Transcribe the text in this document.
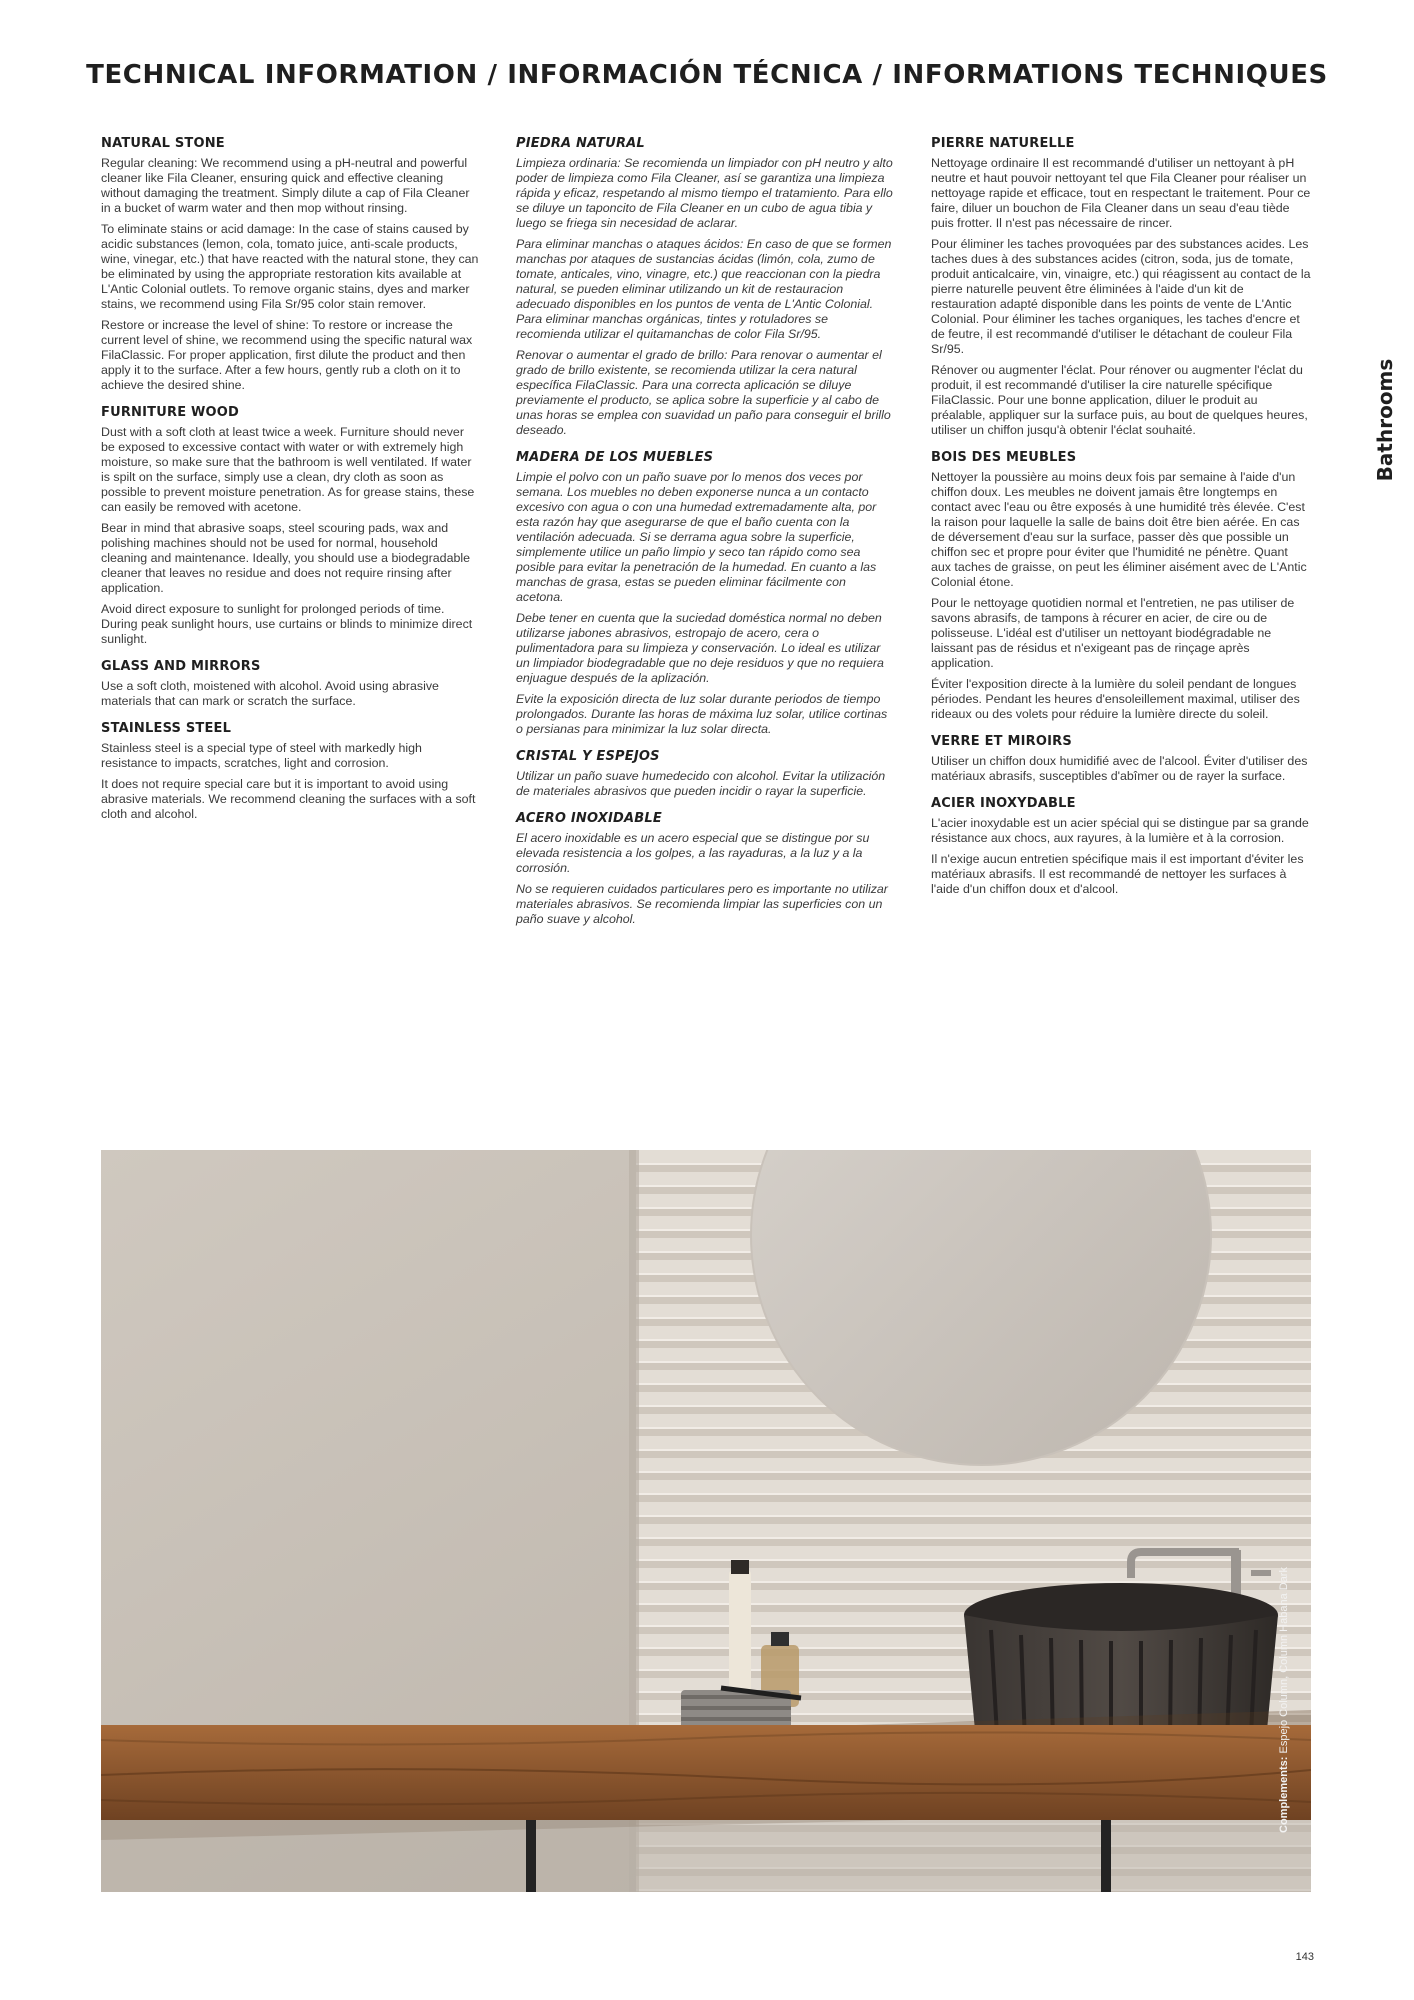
TECHNICAL INFORMATION / INFORMACIÓN TÉCNICA / INFORMATIONS TECHNIQUES
Bathrooms
NATURAL STONE

Regular cleaning: We recommend using a pH-neutral and powerful cleaner like Fila Cleaner, ensuring quick and effective cleaning without damaging the treatment. Simply dilute a cap of Fila Cleaner in a bucket of warm water and then mop without rinsing.

To eliminate stains or acid damage: In the case of stains caused by acidic substances (lemon, cola, tomato juice, anti-scale products, wine, vinegar, etc.) that have reacted with the natural stone, they can be eliminated by using the appropriate restoration kits available at L'Antic Colonial outlets. To remove organic stains, dyes and marker stains, we recommend using Fila Sr/95 color stain remover.

Restore or increase the level of shine: To restore or increase the current level of shine, we recommend using the specific natural wax FilaClassic. For proper application, first dilute the product and then apply it to the surface. After a few hours, gently rub a cloth on it to achieve the desired shine.

FURNITURE WOOD

Dust with a soft cloth at least twice a week. Furniture should never be exposed to excessive contact with water or with extremely high moisture, so make sure that the bathroom is well ventilated. If water is spilt on the surface, simply use a clean, dry cloth as soon as possible to prevent moisture penetration. As for grease stains, these can easily be removed with acetone.

Bear in mind that abrasive soaps, steel scouring pads, wax and polishing machines should not be used for normal, household cleaning and maintenance. Ideally, you should use a biodegradable cleaner that leaves no residue and does not require rinsing after application.

Avoid direct exposure to sunlight for prolonged periods of time. During peak sunlight hours, use curtains or blinds to minimize direct sunlight.

GLASS AND MIRRORS

Use a soft cloth, moistened with alcohol. Avoid using abrasive materials that can mark or scratch the surface.

STAINLESS STEEL

Stainless steel is a special type of steel with markedly high resistance to impacts, scratches, light and corrosion.

It does not require special care but it is important to avoid using abrasive materials. We recommend cleaning the surfaces with a soft cloth and alcohol.

PIEDRA NATURAL

Limpieza ordinaria: Se recomienda un limpiador con pH neutro y alto poder de limpieza como Fila Cleaner, así se garantiza una limpieza rápida y eficaz, respetando al mismo tiempo el tratamiento. Para ello se diluye un taponcito de Fila Cleaner en un cubo de agua tibia y luego se friega sin necesidad de aclarar.

Para eliminar manchas o ataques ácidos: En caso de que se formen manchas por ataques de sustancias ácidas (limón, cola, zumo de tomate, anticales, vino, vinagre, etc.) que reaccionan con la piedra natural, se pueden eliminar utilizando un kit de restauracion adecuado disponibles en los puntos de venta de L'Antic Colonial. Para eliminar manchas orgánicas, tintes y rotuladores se recomienda utilizar el quitamanchas de color Fila Sr/95.

Renovar o aumentar el grado de brillo: Para renovar o aumentar el grado de brillo existente, se recomienda utilizar la cera natural específica FilaClassic. Para una correcta aplicación se diluye previamente el producto, se aplica sobre la superficie y al cabo de unas horas se emplea con suavidad un paño para conseguir el brillo deseado.

MADERA DE LOS MUEBLES

Limpie el polvo con un paño suave por lo menos dos veces por semana. Los muebles no deben exponerse nunca a un contacto excesivo con agua o con una humedad extremadamente alta, por esta razón hay que asegurarse de que el baño cuenta con la ventilación adecuada. Si se derrama agua sobre la superficie, simplemente utilice un paño limpio y seco tan rápido como sea posible para evitar la penetración de la humedad. En cuanto a las manchas de grasa, estas se pueden eliminar fácilmente con acetona.

Debe tener en cuenta que la suciedad doméstica normal no deben utilizarse jabones abrasivos, estropajo de acero, cera o pulimentadora para su limpieza y conservación. Lo ideal es utilizar un limpiador biodegradable que no deje residuos y que no requiera enjuague después de la aplización.

Evite la exposición directa de luz solar durante periodos de tiempo prolongados. Durante las horas de máxima luz solar, utilice cortinas o persianas para minimizar la luz solar directa.

CRISTAL Y ESPEJOS

Utilizar un paño suave humedecido con alcohol. Evitar la utilización de materiales abrasivos que pueden incidir o rayar la superficie.

ACERO INOXIDABLE

El acero inoxidable es un acero especial que se distingue por su elevada resistencia a los golpes, a las rayaduras, a la luz y a la corrosión.

No se requieren cuidados particulares pero es importante no utilizar materiales abrasivos. Se recomienda limpiar las superficies con un paño suave y alcohol.

PIERRE NATURELLE

Nettoyage ordinaire Il est recommandé d'utiliser un nettoyant à pH neutre et haut pouvoir nettoyant tel que Fila Cleaner pour réaliser un nettoyage rapide et efficace, tout en respectant le traitement. Pour ce faire, diluer un bouchon de Fila Cleaner dans un seau d'eau tiède puis frotter. Il n'est pas nécessaire de rincer.

Pour éliminer les taches provoquées par des substances acides. Les taches dues à des substances acides (citron, soda, jus de tomate, produit anticalcaire, vin, vinaigre, etc.) qui réagissent au contact de la pierre naturelle peuvent être éliminées à l'aide d'un kit de restauration adapté disponible dans les points de vente de L'Antic Colonial. Pour éliminer les taches organiques, les taches d'encre et de feutre, il est recommandé d'utiliser le détachant de couleur Fila Sr/95.

Rénover ou augmenter l'éclat. Pour rénover ou augmenter l'éclat du produit, il est recommandé d'utiliser la cire naturelle spécifique FilaClassic. Pour une bonne application, diluer le produit au préalable, appliquer sur la surface puis, au bout de quelques heures, utiliser un chiffon jusqu'à obtenir l'éclat souhaité.

BOIS DES MEUBLES

Nettoyer la poussière au moins deux fois par semaine à l'aide d'un chiffon doux. Les meubles ne doivent jamais être longtemps en contact avec l'eau ou être exposés à une humidité très élevée. C'est la raison pour laquelle la salle de bains doit être bien aérée. En cas de déversement d'eau sur la surface, passer dès que possible un chiffon sec et propre pour éviter que l'humidité ne pénètre. Quant aux taches de graisse, on peut les éliminer aisément avec de L'Antic Colonial étone.

Pour le nettoyage quotidien normal et l'entretien, ne pas utiliser de savons abrasifs, de tampons à récurer en acier, de cire ou de polisseuse. L'idéal est d'utiliser un nettoyant biodégradable ne laissant pas de résidus et n'exigeant pas de rinçage après application.

Éviter l'exposition directe à la lumière du soleil pendant de longues périodes. Pendant les heures d'ensoleillement maximal, utiliser des rideaux ou des volets pour réduire la lumière directe du soleil.

VERRE ET MIROIRS

Utiliser un chiffon doux humidifié avec de l'alcool. Éviter d'utiliser des matériaux abrasifs, susceptibles d'abîmer ou de rayer la surface.

ACIER INOXYDABLE

L'acier inoxydable est un acier spécial qui se distingue par sa grande résistance aux chocs, aux rayures, à la lumière et à la corrosion.

Il n'exige aucun entretien spécifique mais il est important d'éviter les matériaux abrasifs. Il est recommandé de nettoyer les surfaces à l'aide d'un chiffon doux et d'alcool.

Complements: Espejo Column, Column Habana Dark
143
